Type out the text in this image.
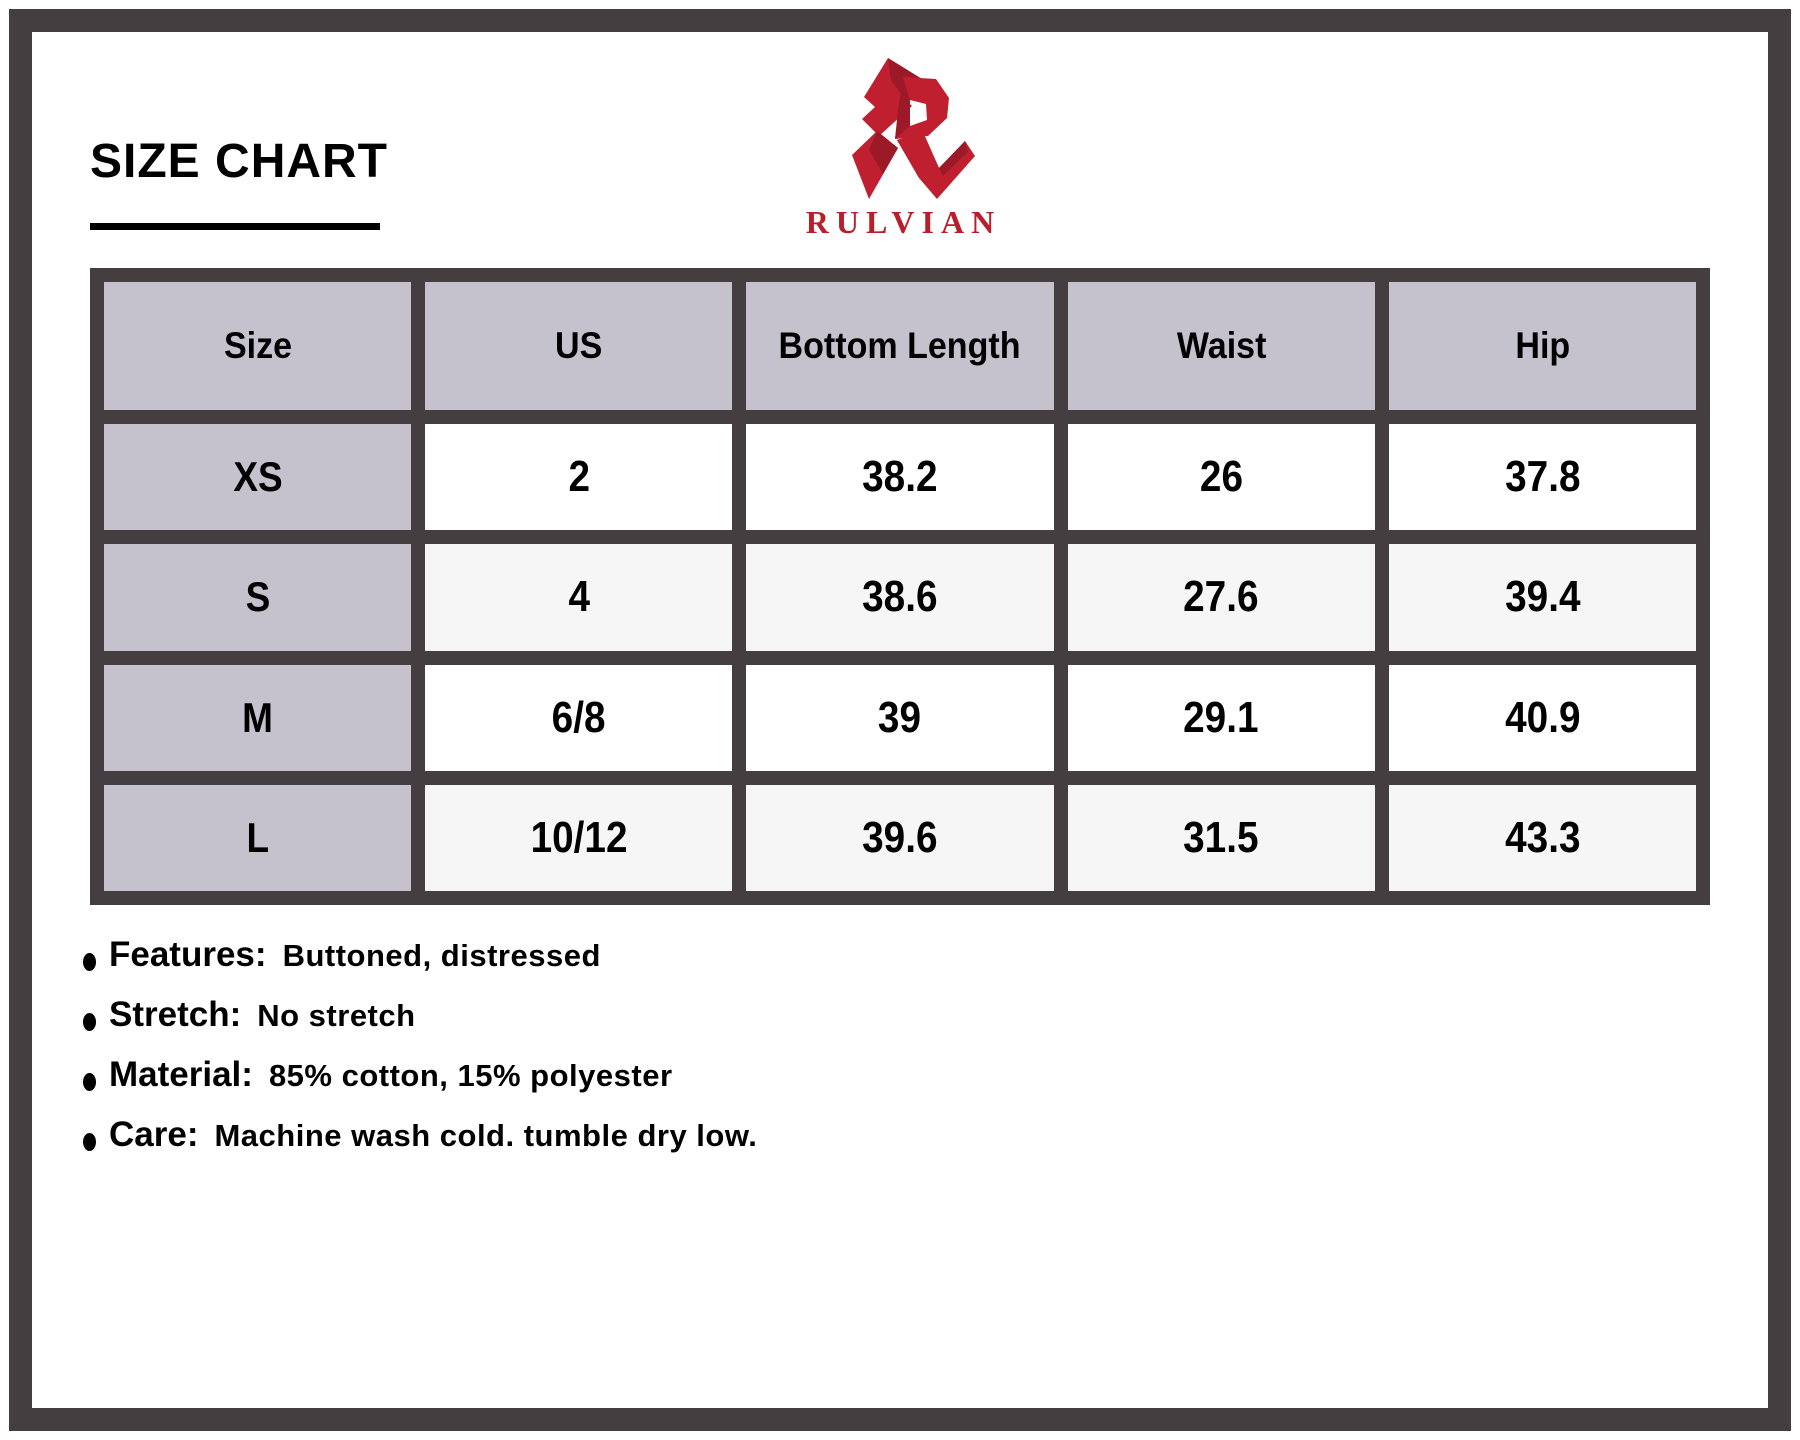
SIZE CHART
RULVIAN
Size	US	Bottom Length	Waist	Hip
XS	2	38.2	26	37.8
S	4	38.6	27.6	39.4
M	6/8	39	29.1	40.9
L	10/12	39.6	31.5	43.3
Features: Buttoned, distressed
Stretch: No stretch
Material: 85% cotton, 15% polyester
Care: Machine wash cold. tumble dry low.
